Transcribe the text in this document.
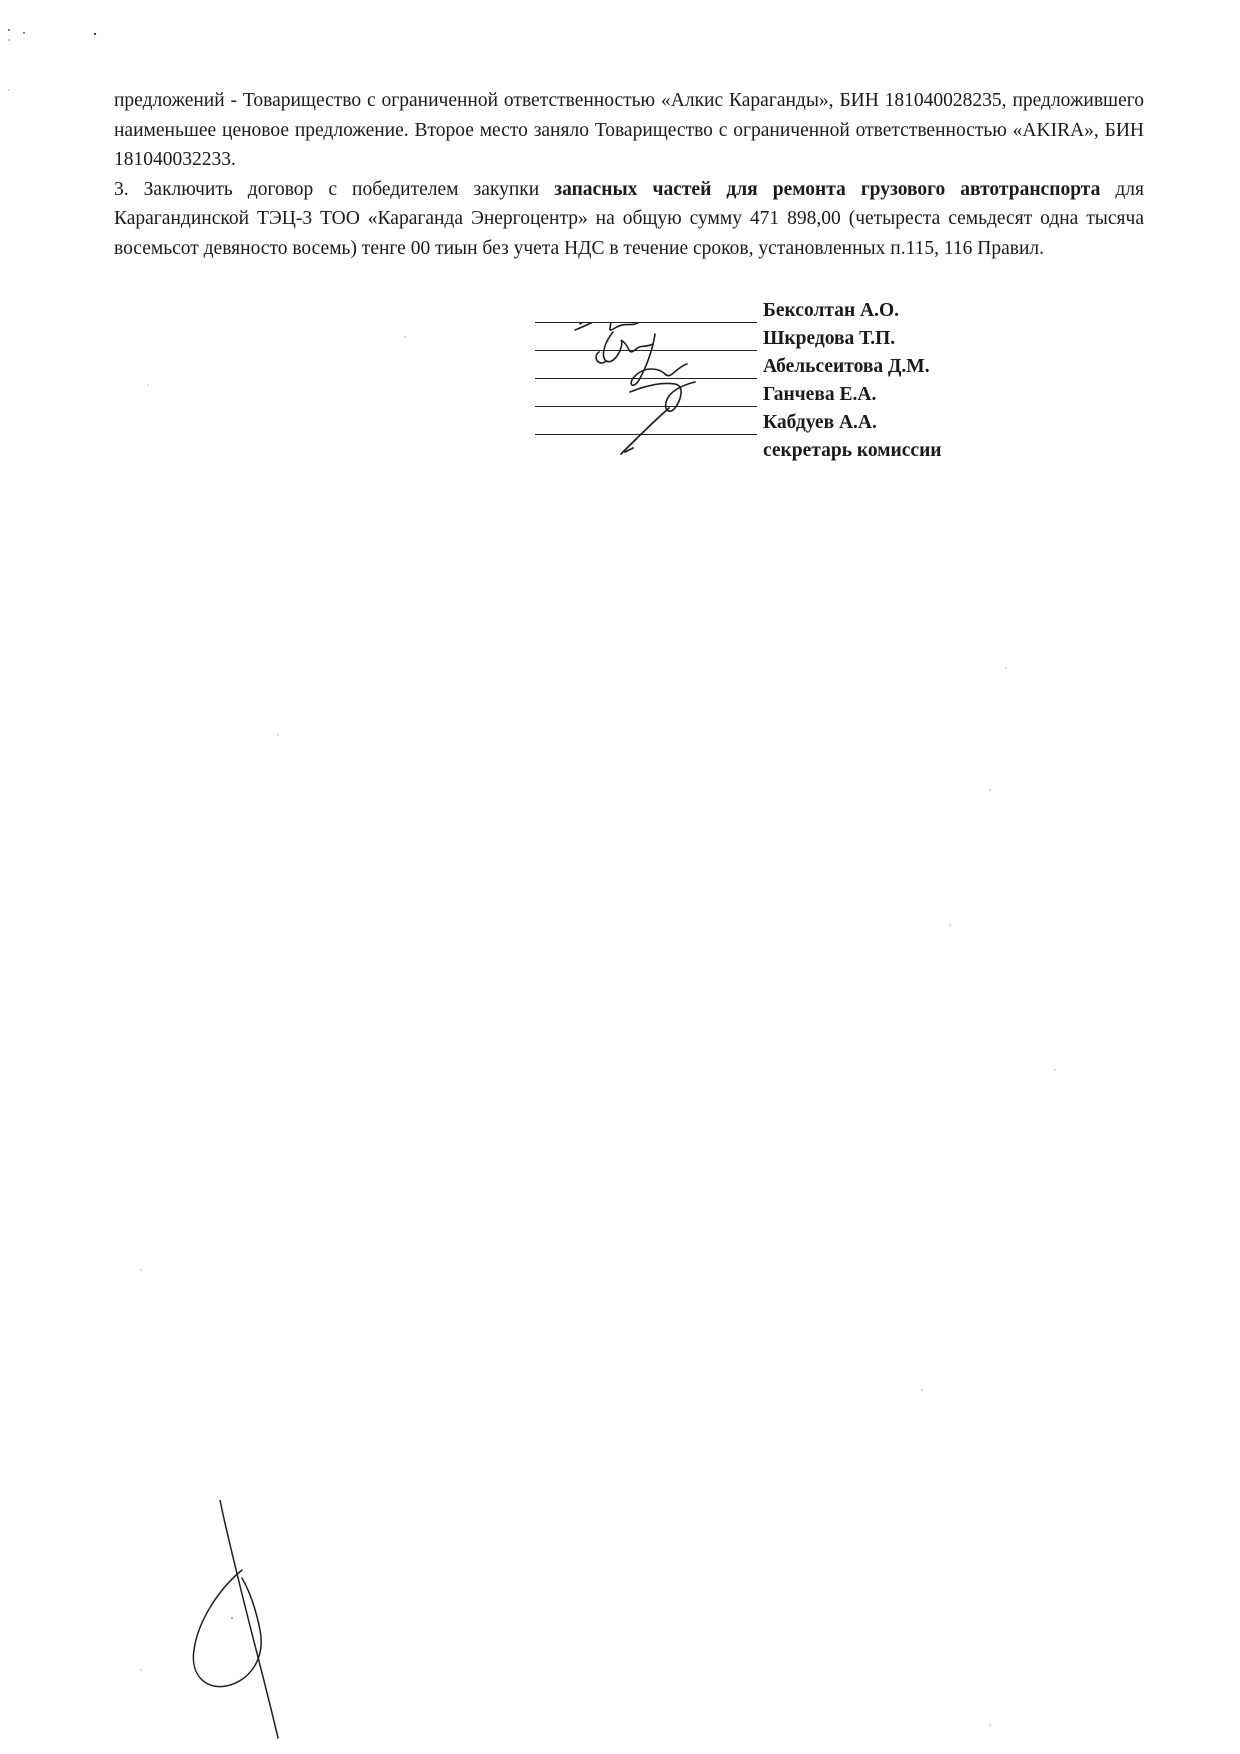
предложений - Товарищество с ограниченной ответственностью «Алкис Караганды», БИН 181040028235, предложившего наименьшее ценовое предложение. Второе место заняло Товарищество с ограниченной ответственностью «AKIRA», БИН 181040032233.

3. Заключить договор с победителем закупки запасных частей для ремонта грузового автотранспорта для Карагандинской ТЭЦ-3 ТОО «Караганда Энергоцентр» на общую сумму 471 898,00 (четыреста семьдесят одна тысяча восемьсот девяносто восемь) тенге 00 тиын без учета НДС в течение сроков, установленных п.115, 116 Правил.

Бексолтан А.О.
Шкредова Т.П.
Абельсеитова Д.М.
Ганчева Е.А.
Кабдуев А.А.
секретарь комиссии
